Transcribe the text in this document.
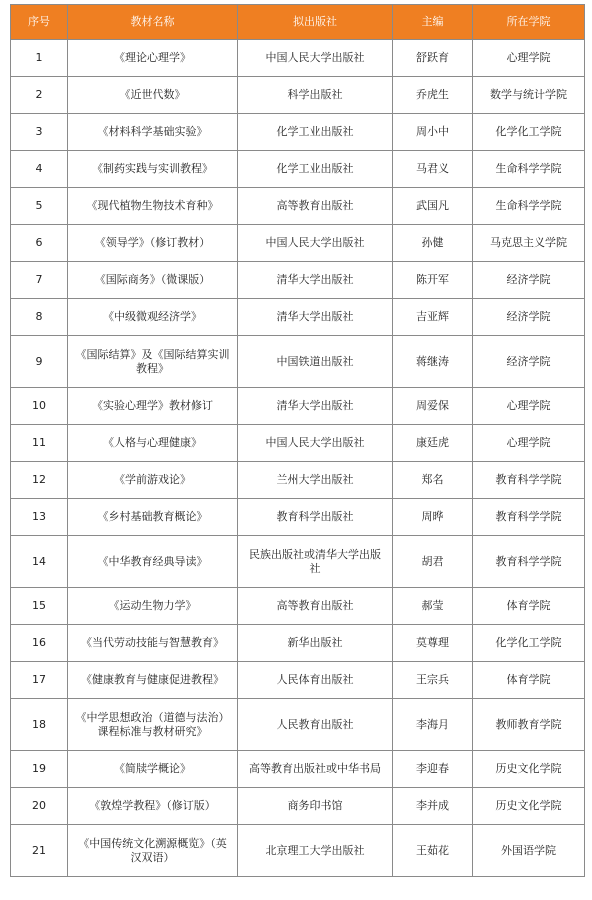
序号	教材名称	拟出版社	主编	所在学院
1	《理论心理学》	中国人民大学出版社	舒跃育	心理学院
2	《近世代数》	科学出版社	乔虎生	数学与统计学院
3	《材料科学基础实验》	化学工业出版社	周小中	化学化工学院
4	《制药实践与实训教程》	化学工业出版社	马君义	生命科学学院
5	《现代植物生物技术育种》	高等教育出版社	武国凡	生命科学学院
6	《领导学》（修订教材）	中国人民大学出版社	孙健	马克思主义学院
7	《国际商务》（微课版）	清华大学出版社	陈开军	经济学院
8	《中级微观经济学》	清华大学出版社	吉亚辉	经济学院
9	《国际结算》及《国际结算实训教程》	中国铁道出版社	蒋继涛	经济学院
10	《实验心理学》教材修订	清华大学出版社	周爱保	心理学院
11	《人格与心理健康》	中国人民大学出版社	康廷虎	心理学院
12	《学前游戏论》	兰州大学出版社	郑名	教育科学学院
13	《乡村基础教育概论》	教育科学出版社	周晔	教育科学学院
14	《中华教育经典导读》	民族出版社或清华大学出版社	胡君	教育科学学院
15	《运动生物力学》	高等教育出版社	郝莹	体育学院
16	《当代劳动技能与智慧教育》	新华出版社	莫尊理	化学化工学院
17	《健康教育与健康促进教程》	人民体育出版社	王宗兵	体育学院
18	《中学思想政治（道德与法治）课程标准与教材研究》	人民教育出版社	李海月	教师教育学院
19	《简牍学概论》	高等教育出版社或中华书局	李迎春	历史文化学院
20	《敦煌学教程》（修订版）	商务印书馆	李并成	历史文化学院
21	《中国传统文化溯源概览》（英汉双语）	北京理工大学出版社	王茹花	外国语学院
